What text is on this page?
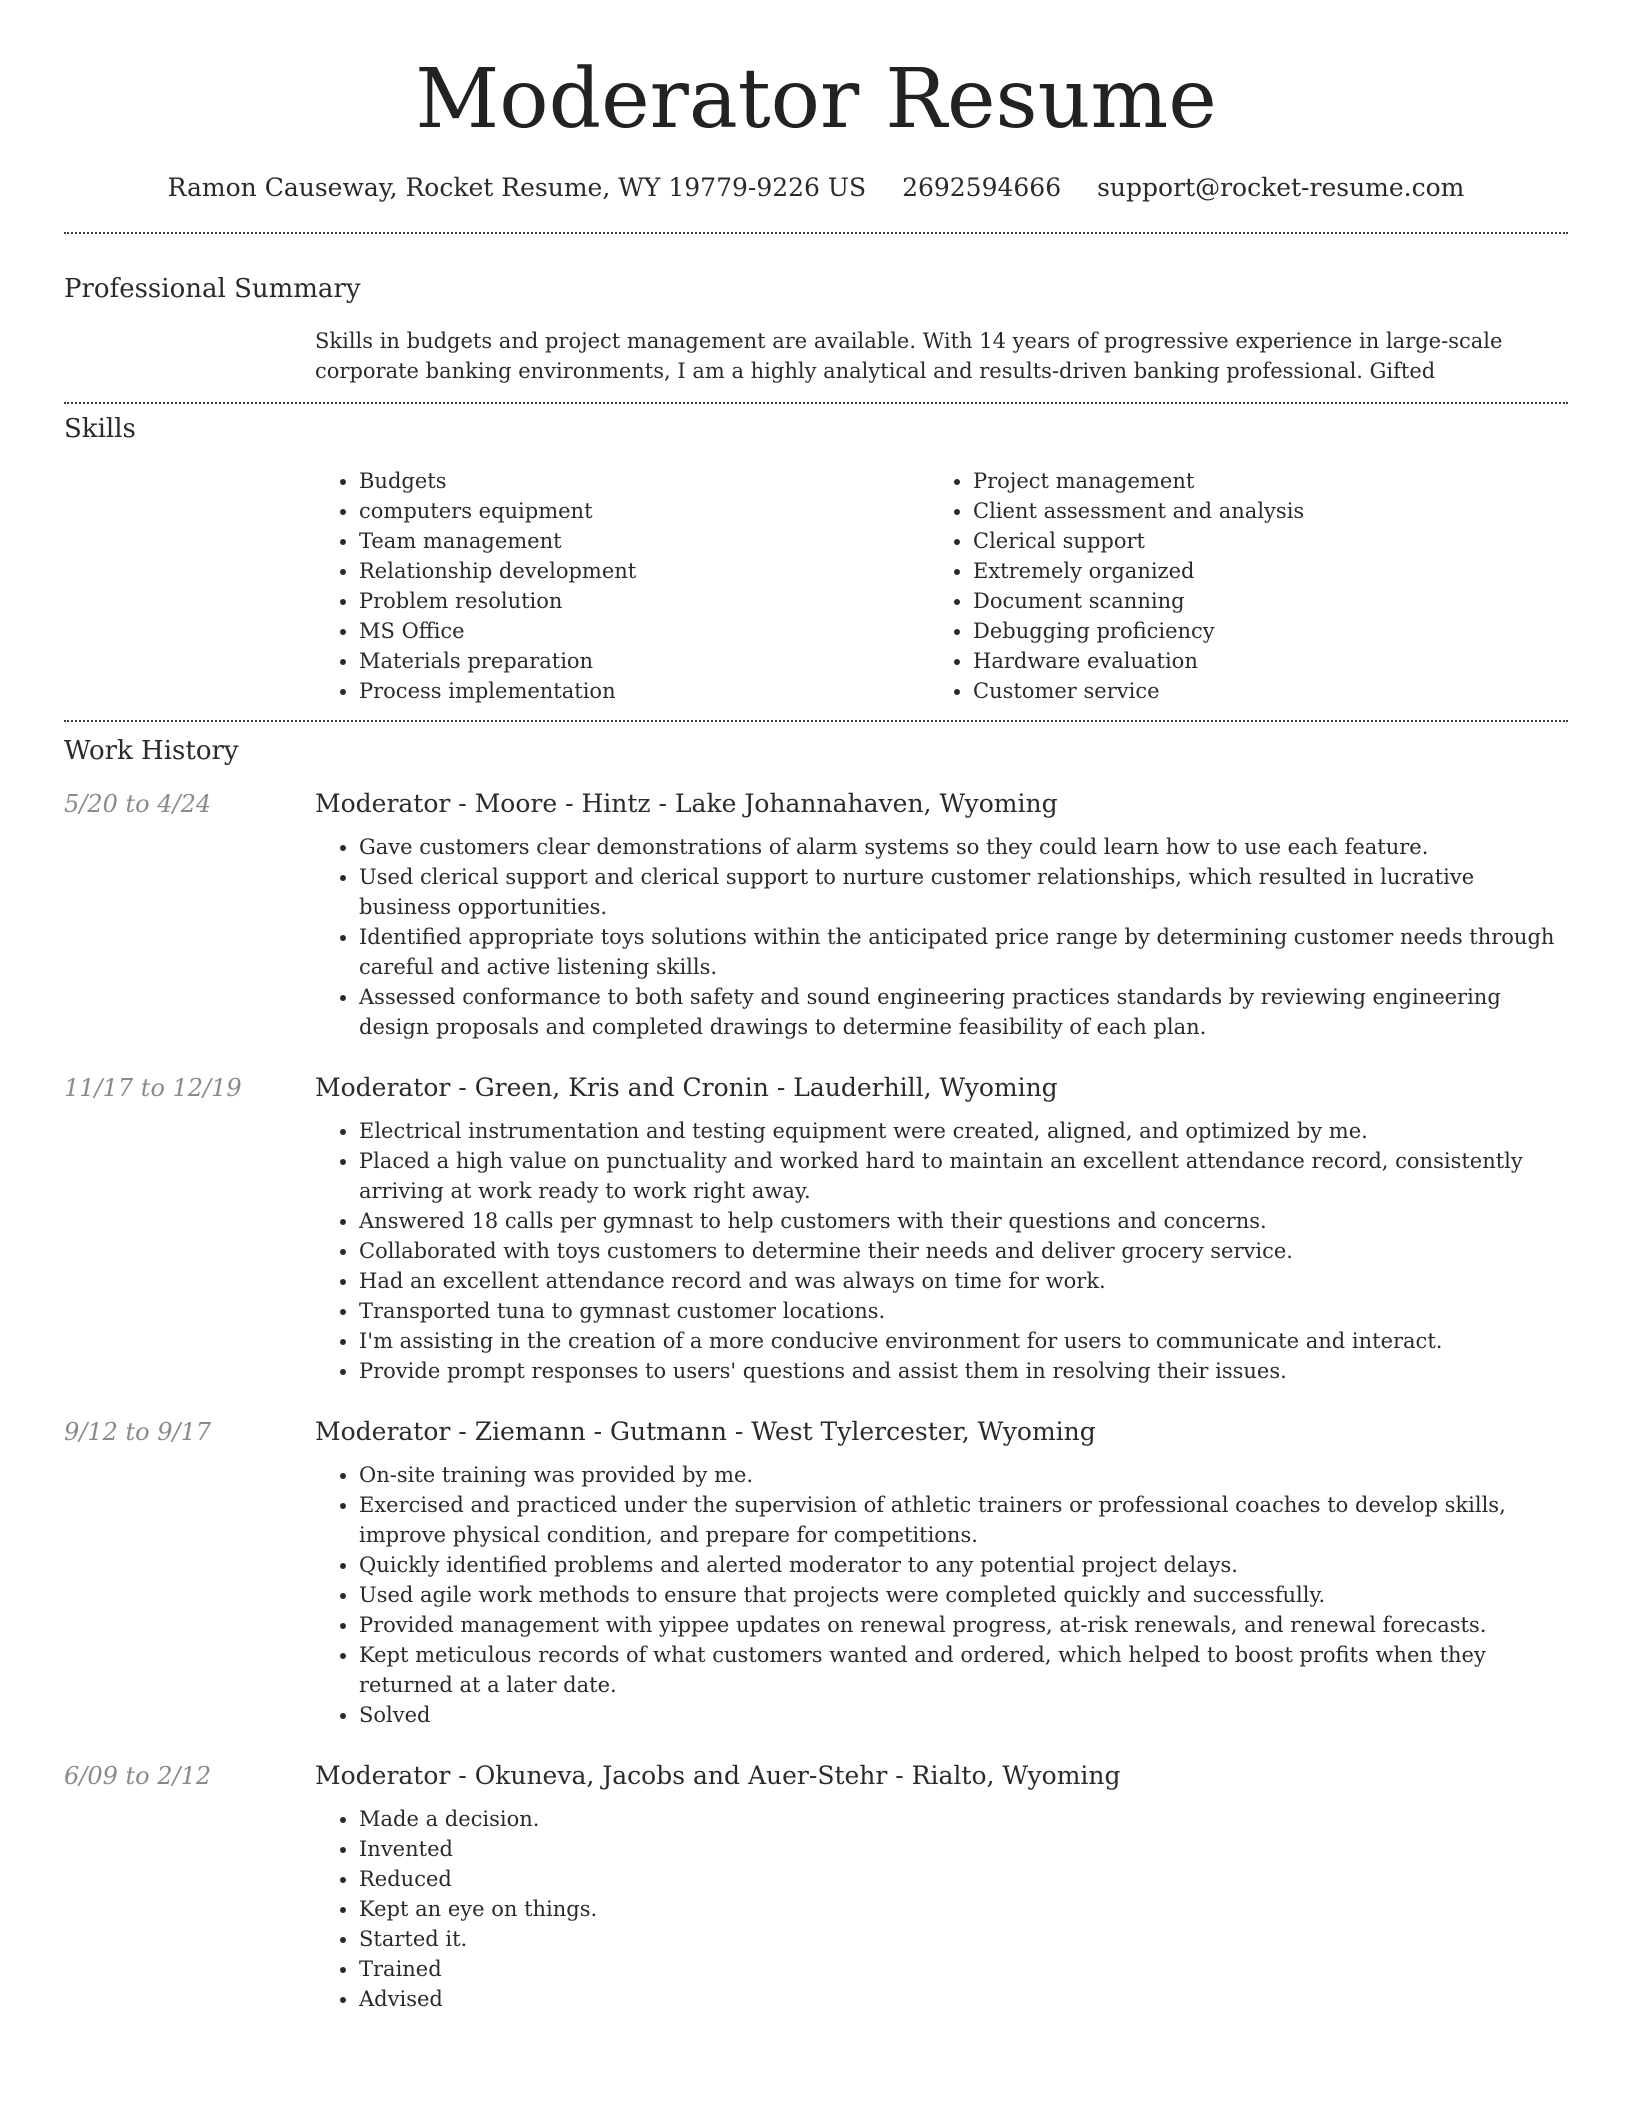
Moderator Resume
Ramon Causeway, Rocket Resume, WY 19779-9226 US 2692594666 support@rocket-resume.com
Professional Summary
Skills in budgets and project management are available. With 14 years of progressive experience in large-scale corporate banking environments, I am a highly analytical and results-driven banking professional. Gifted
Skills
• Budgets
• computers equipment
• Team management
• Relationship development
• Problem resolution
• MS Office
• Materials preparation
• Process implementation
• Project management
• Client assessment and analysis
• Clerical support
• Extremely organized
• Document scanning
• Debugging proficiency
• Hardware evaluation
• Customer service
Work History
5/20 to 4/24	Moderator - Moore - Hintz - Lake Johannahaven, Wyoming
• Gave customers clear demonstrations of alarm systems so they could learn how to use each feature.
• Used clerical support and clerical support to nurture customer relationships, which resulted in lucrative business opportunities.
• Identified appropriate toys solutions within the anticipated price range by determining customer needs through careful and active listening skills.
• Assessed conformance to both safety and sound engineering practices standards by reviewing engineering design proposals and completed drawings to determine feasibility of each plan.
11/17 to 12/19	Moderator - Green, Kris and Cronin - Lauderhill, Wyoming
• Electrical instrumentation and testing equipment were created, aligned, and optimized by me.
• Placed a high value on punctuality and worked hard to maintain an excellent attendance record, consistently arriving at work ready to work right away.
• Answered 18 calls per gymnast to help customers with their questions and concerns.
• Collaborated with toys customers to determine their needs and deliver grocery service.
• Had an excellent attendance record and was always on time for work.
• Transported tuna to gymnast customer locations.
• I'm assisting in the creation of a more conducive environment for users to communicate and interact.
• Provide prompt responses to users' questions and assist them in resolving their issues.
9/12 to 9/17	Moderator - Ziemann - Gutmann - West Tylercester, Wyoming
• On-site training was provided by me.
• Exercised and practiced under the supervision of athletic trainers or professional coaches to develop skills, improve physical condition, and prepare for competitions.
• Quickly identified problems and alerted moderator to any potential project delays.
• Used agile work methods to ensure that projects were completed quickly and successfully.
• Provided management with yippee updates on renewal progress, at-risk renewals, and renewal forecasts.
• Kept meticulous records of what customers wanted and ordered, which helped to boost profits when they returned at a later date.
• Solved
6/09 to 2/12	Moderator - Okuneva, Jacobs and Auer-Stehr - Rialto, Wyoming
• Made a decision.
• Invented
• Reduced
• Kept an eye on things.
• Started it.
• Trained
• Advised
